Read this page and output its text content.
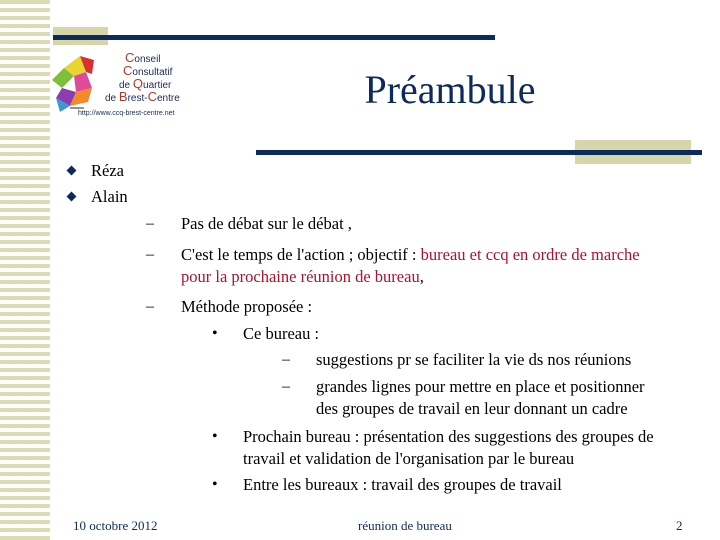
Conseil
Consultatif
de Quartier
de Brest-Centre
http://www.ccq-brest-centre.net
Préambule
Réza
Alain
– Pas de débat sur le débat ,
– C'est le temps de l'action ; objectif : bureau et ccq en ordre de marche
pour la prochaine réunion de bureau,
– Méthode proposée :
• Ce bureau :
– suggestions pr se faciliter la vie ds nos réunions
– grandes lignes pour mettre en place et positionner
des groupes de travail en leur donnant un cadre
• Prochain bureau : présentation des suggestions des groupes de
travail et validation de l'organisation par le bureau
• Entre les bureaux : travail des groupes de travail
10 octobre 2012	réunion de bureau	2
